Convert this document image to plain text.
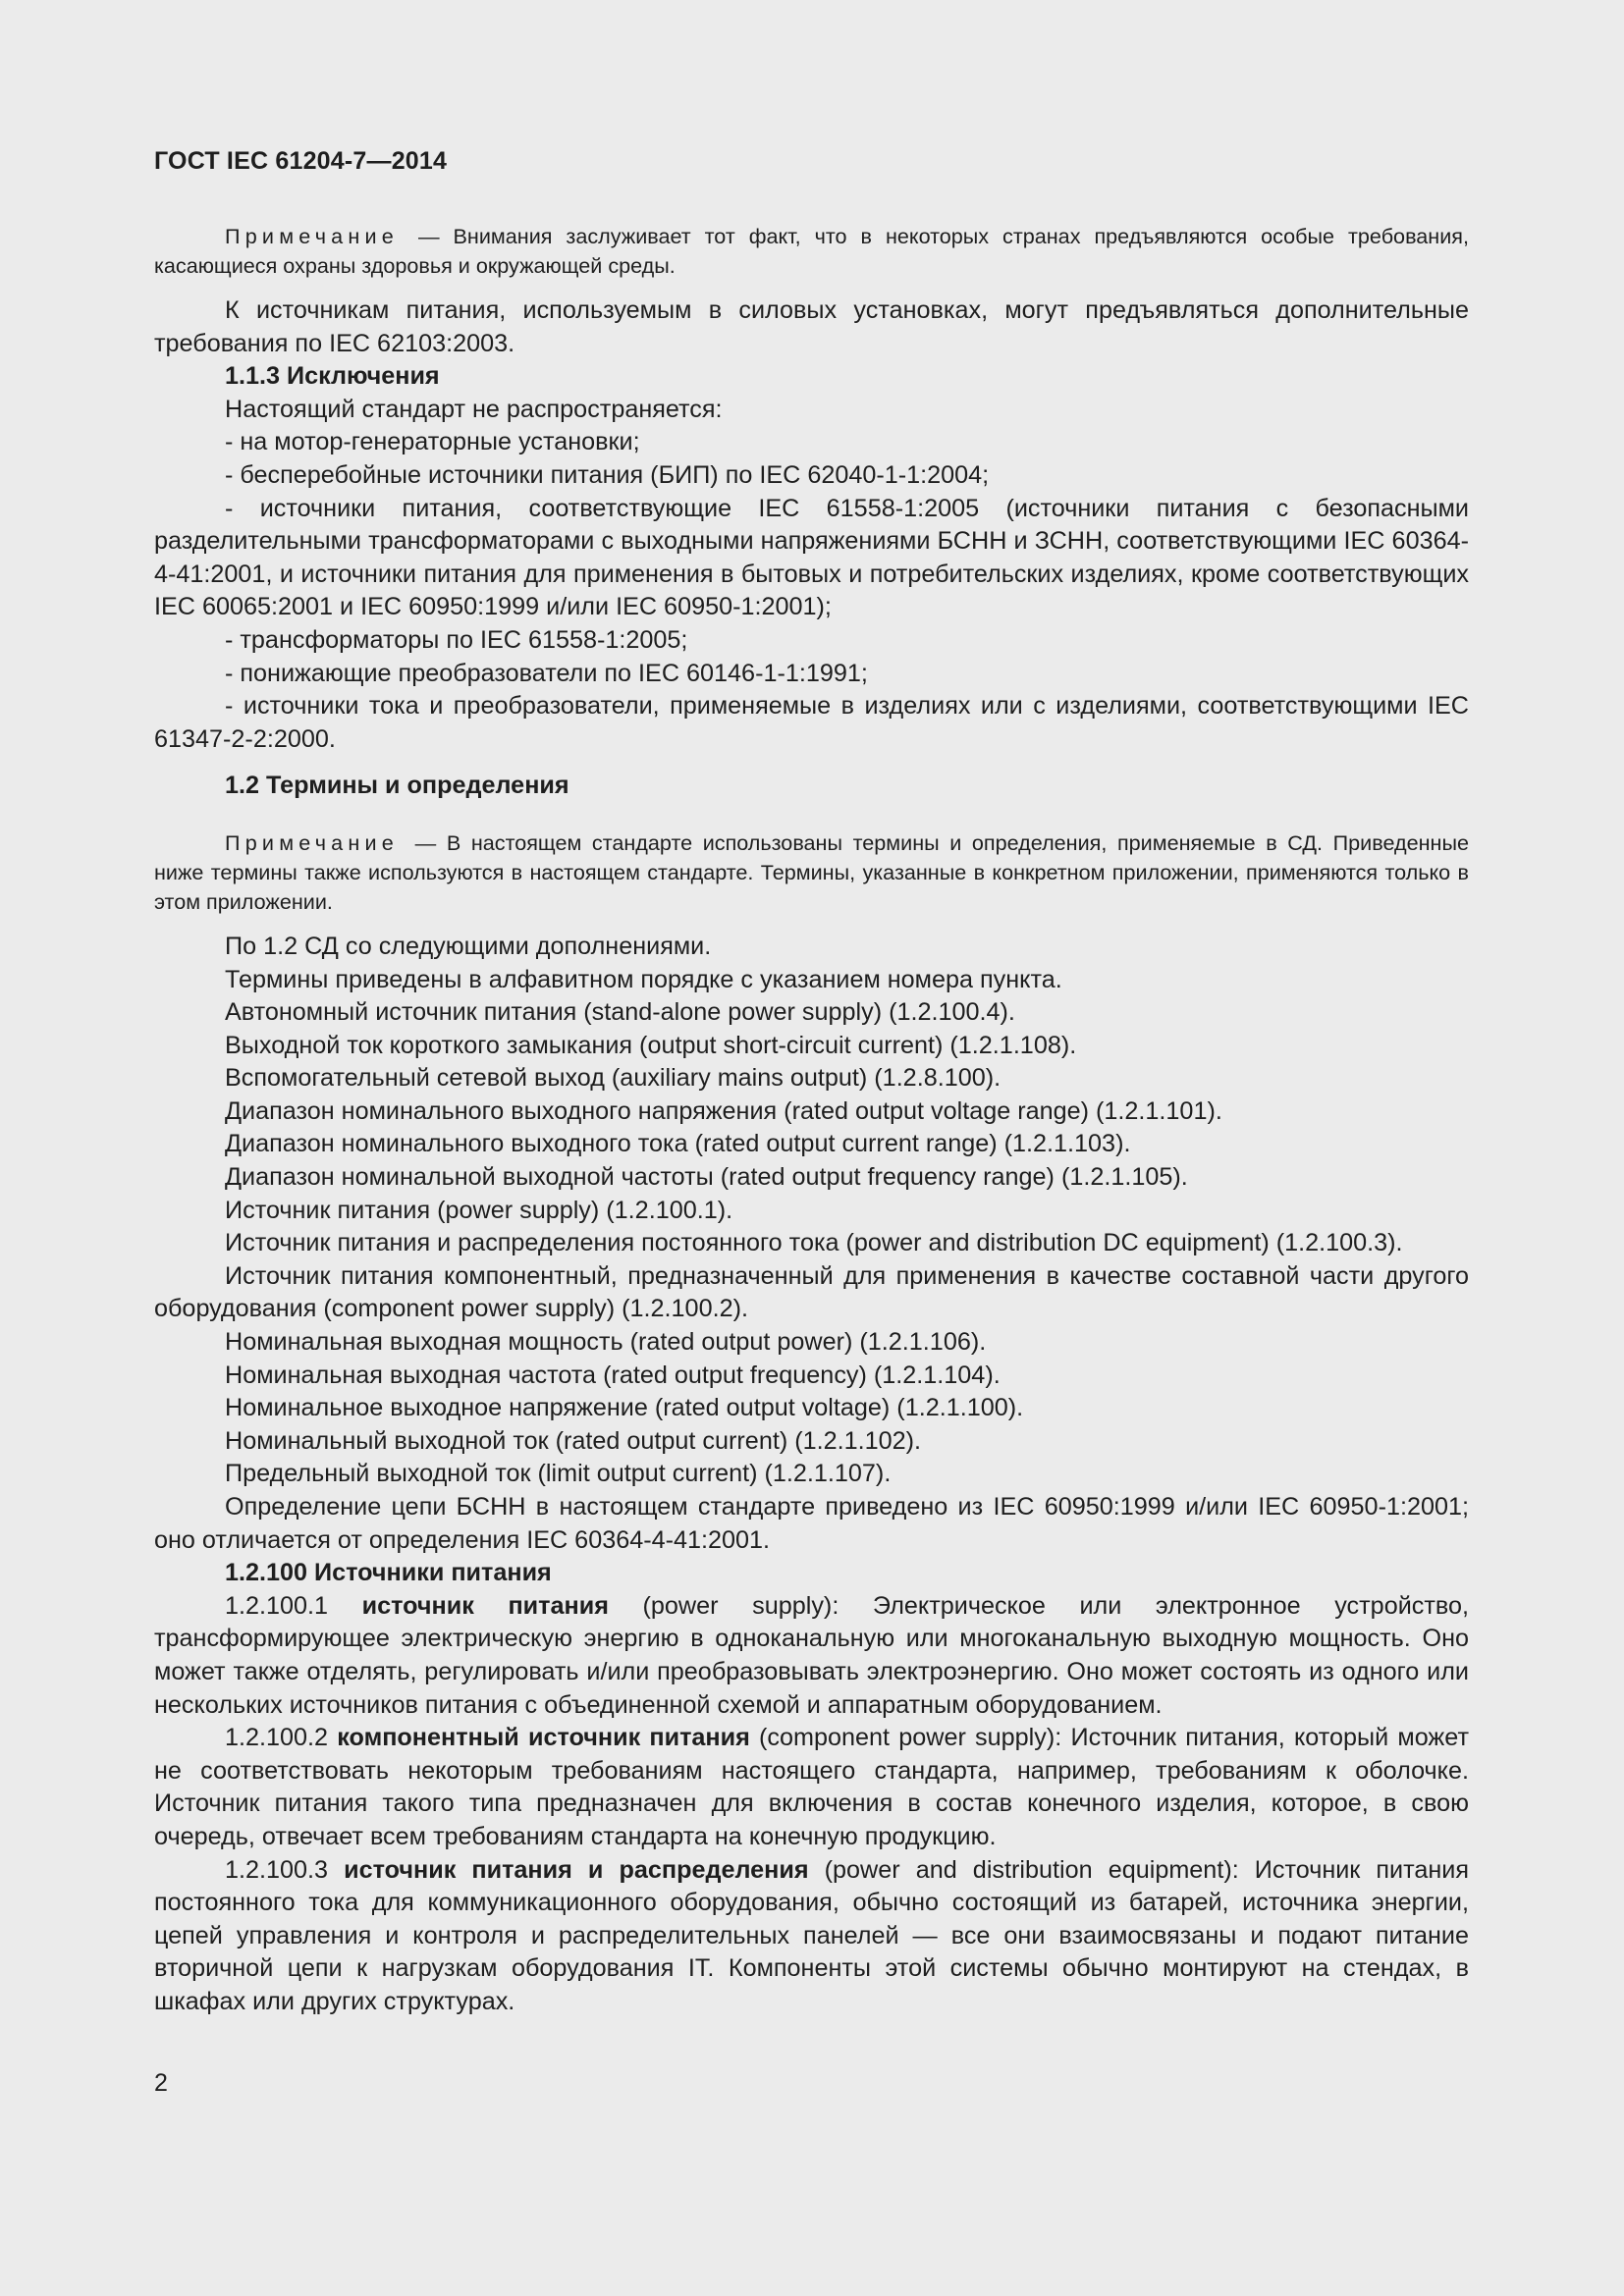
ГОСТ IEC 61204-7—2014

Примечание — Внимания заслуживает тот факт, что в некоторых странах предъявляются особые требования, касающиеся охраны здоровья и окружающей среды.

К источникам питания, используемым в силовых установках, могут предъявляться дополнительные требования по IEC 62103:2003.

1.1.3 Исключения

Настоящий стандарт не распространяется:

- на мотор-генераторные установки;

- бесперебойные источники питания (БИП) по IEC 62040-1-1:2004;

- источники питания, соответствующие IEC 61558-1:2005 (источники питания с безопасными разделительными трансформаторами с выходными напряжениями БСНН и ЗСНН, соответствующими IEC 60364-4-41:2001, и источники питания для применения в бытовых и потребительских изделиях, кроме соответствующих IEC 60065:2001 и IEC 60950:1999 и/или IEC 60950-1:2001);

- трансформаторы по IEC 61558-1:2005;

- понижающие преобразователи по IEC 60146-1-1:1991;

- источники тока и преобразователи, применяемые в изделиях или с изделиями, соответствующими IEC 61347-2-2:2000.

1.2 Термины и определения

Примечание — В настоящем стандарте использованы термины и определения, применяемые в СД. Приведенные ниже термины также используются в настоящем стандарте. Термины, указанные в конкретном приложении, применяются только в этом приложении.

По 1.2 СД со следующими дополнениями.

Термины приведены в алфавитном порядке с указанием номера пункта.

Автономный источник питания (stand-alone power supply) (1.2.100.4).

Выходной ток короткого замыкания (output short-circuit current) (1.2.1.108).

Вспомогательный сетевой выход (auxiliary mains output) (1.2.8.100).

Диапазон номинального выходного напряжения (rated output voltage range) (1.2.1.101).

Диапазон номинального выходного тока (rated output current range) (1.2.1.103).

Диапазон номинальной выходной частоты (rated output frequency range) (1.2.1.105).

Источник питания (power supply) (1.2.100.1).

Источник питания и распределения постоянного тока (power and distribution DC equipment) (1.2.100.3).

Источник питания компонентный, предназначенный для применения в качестве составной части другого оборудования (component power supply) (1.2.100.2).

Номинальная выходная мощность (rated output power) (1.2.1.106).

Номинальная выходная частота (rated output frequency) (1.2.1.104).

Номинальное выходное напряжение (rated output voltage) (1.2.1.100).

Номинальный выходной ток (rated output current) (1.2.1.102).

Предельный выходной ток (limit output current) (1.2.1.107).

Определение цепи БСНН в настоящем стандарте приведено из IEC 60950:1999 и/или IEC 60950-1:2001; оно отличается от определения IEC 60364-4-41:2001.

1.2.100 Источники питания

1.2.100.1 источник питания (power supply): Электрическое или электронное устройство, трансформирующее электрическую энергию в одноканальную или многоканальную выходную мощность. Оно может также отделять, регулировать и/или преобразовывать электроэнергию. Оно может состоять из одного или нескольких источников питания с объединенной схемой и аппаратным оборудованием.

1.2.100.2 компонентный источник питания (component power supply): Источник питания, который может не соответствовать некоторым требованиям настоящего стандарта, например, требованиям к оболочке. Источник питания такого типа предназначен для включения в состав конечного изделия, которое, в свою очередь, отвечает всем требованиям стандарта на конечную продукцию.

1.2.100.3 источник питания и распределения (power and distribution equipment): Источник питания постоянного тока для коммуникационного оборудования, обычно состоящий из батарей, источника энергии, цепей управления и контроля и распределительных панелей — все они взаимосвязаны и подают питание вторичной цепи к нагрузкам оборудования IT. Компоненты этой системы обычно монтируют на стендах, в шкафах или других структурах.

2
